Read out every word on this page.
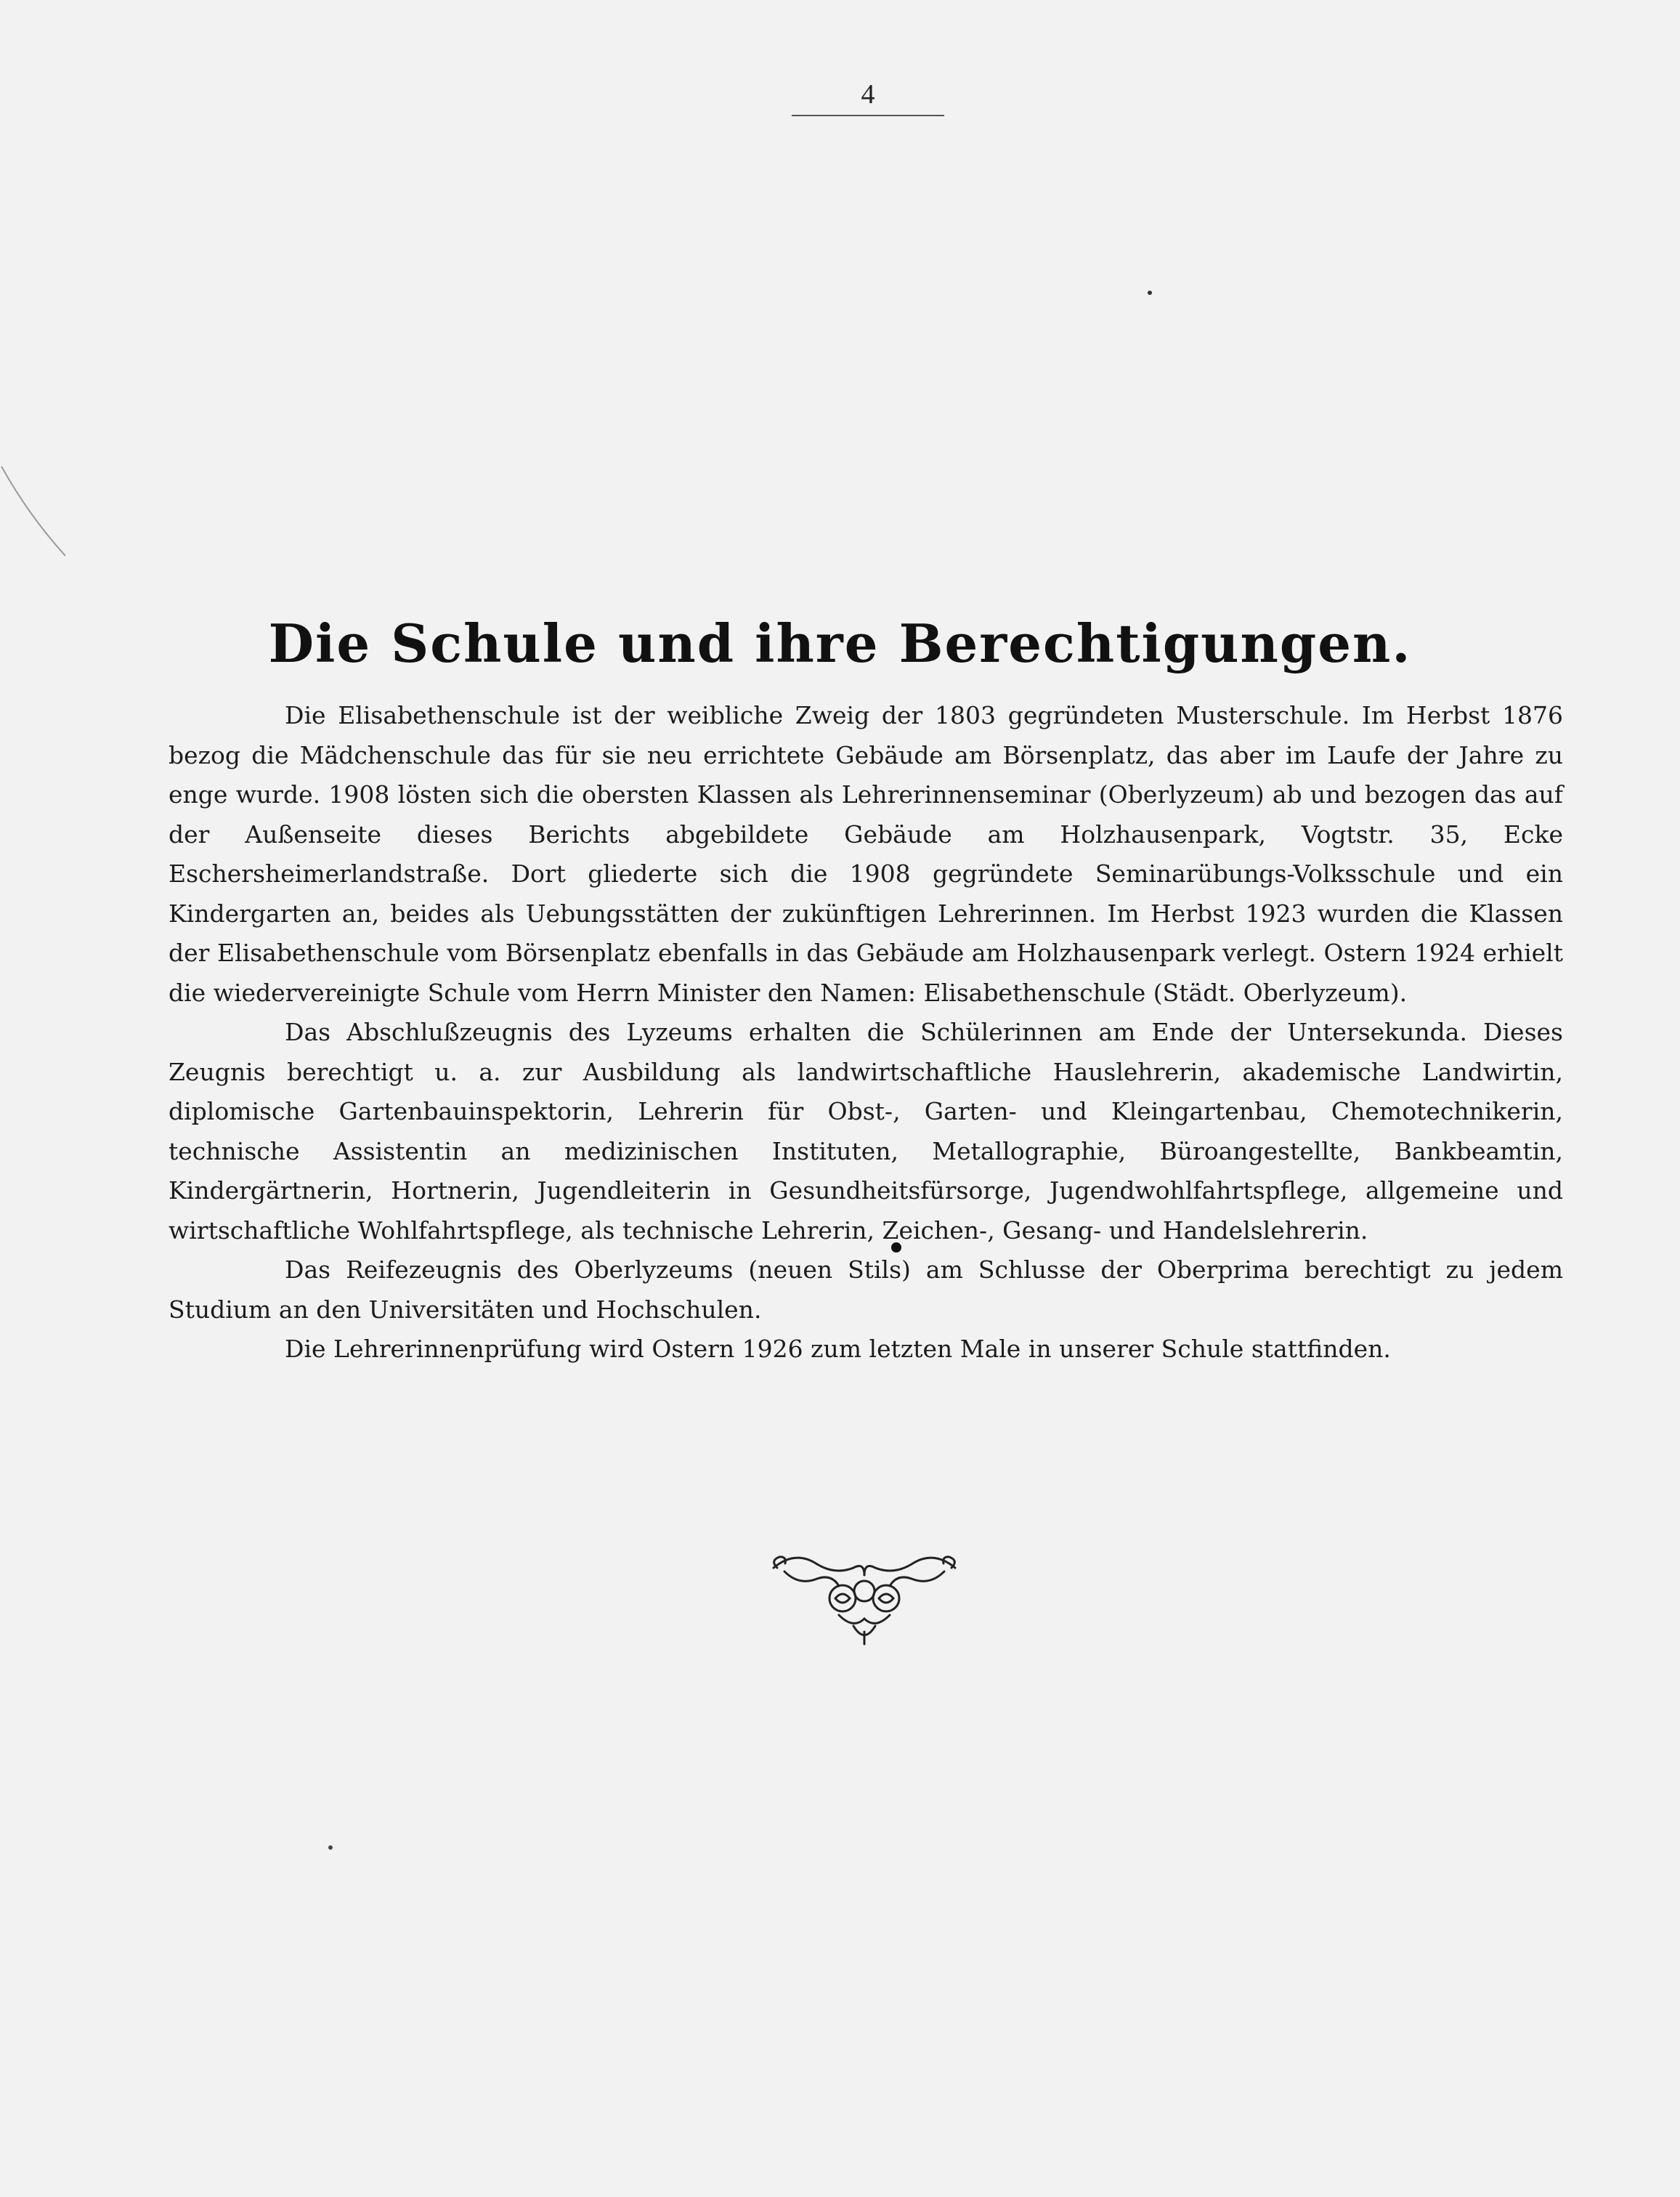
4
Die Schule und ihre Berechtigungen.

Die Elisabethenschule ist der weibliche Zweig der 1803 gegründeten Musterschule. Im Herbst 1876 bezog die Mädchenschule das für sie neu errichtete Gebäude am Börsenplatz, das aber im Laufe der Jahre zu enge wurde. 1908 lösten sich die obersten Klassen als Lehrerinnenseminar (Oberlyzeum) ab und bezogen das auf der Außenseite dieses Berichts abgebildete Gebäude am Holzhausenpark, Vogtstr. 35, Ecke Eschersheimerlandstraße. Dort gliederte sich die 1908 gegründete Seminarübungs-Volksschule und ein Kindergarten an, beides als Uebungsstätten der zukünftigen Lehrerinnen. Im Herbst 1923 wurden die Klassen der Elisabethenschule vom Börsenplatz ebenfalls in das Gebäude am Holzhausenpark verlegt. Ostern 1924 erhielt die wiedervereinigte Schule vom Herrn Minister den Namen: Elisabethenschule (Städt. Oberlyzeum).

Das Abschlußzeugnis des Lyzeums erhalten die Schülerinnen am Ende der Untersekunda. Dieses Zeugnis berechtigt u. a. zur Ausbildung als landwirtschaftliche Hauslehrerin, akademische Landwirtin, diplomische Gartenbauinspektorin, Lehrerin für Obst-, Garten- und Kleingartenbau, Chemotechnikerin, technische Assistentin an medizinischen Instituten, Metallographie, Büroangestellte, Bankbeamtin, Kindergärtnerin, Hortnerin, Jugendleiterin in Gesundheitsfürsorge, Jugendwohlfahrtspflege, allgemeine und wirtschaftliche Wohlfahrtspflege, als technische Lehrerin, Zeichen-, Gesang- und Handelslehrerin.

Das Reifezeugnis des Oberlyzeums (neuen Stils) am Schlusse der Oberprima berechtigt zu jedem Studium an den Universitäten und Hochschulen.

Die Lehrerinnenprüfung wird Ostern 1926 zum letzten Male in unserer Schule stattfinden.
